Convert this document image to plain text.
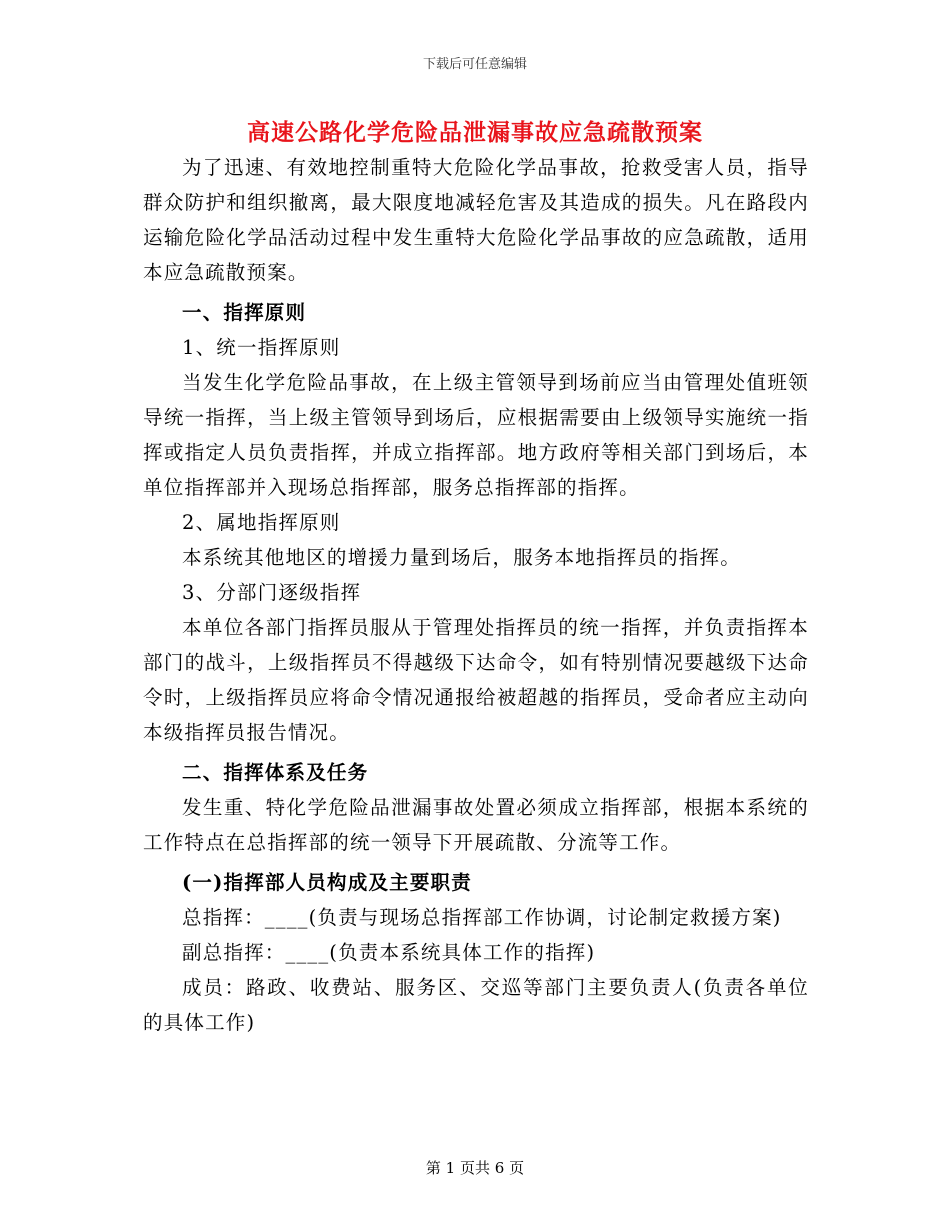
下载后可任意编辑
高速公路化学危险品泄漏事故应急疏散预案

为了迅速、有效地控制重特大危险化学品事故，抢救受害人员，指导群众防护和组织撤离，最大限度地减轻危害及其造成的损失。凡在路段内运输危险化学品活动过程中发生重特大危险化学品事故的应急疏散，适用本应急疏散预案。

一、指挥原则

1、统一指挥原则

当发生化学危险品事故，在上级主管领导到场前应当由管理处值班领导统一指挥，当上级主管领导到场后，应根据需要由上级领导实施统一指挥或指定人员负责指挥，并成立指挥部。地方政府等相关部门到场后，本单位指挥部并入现场总指挥部，服务总指挥部的指挥。

2、属地指挥原则

本系统其他地区的增援力量到场后，服务本地指挥员的指挥。

3、分部门逐级指挥

本单位各部门指挥员服从于管理处指挥员的统一指挥，并负责指挥本部门的战斗，上级指挥员不得越级下达命令，如有特别情况要越级下达命令时，上级指挥员应将命令情况通报给被超越的指挥员，受命者应主动向本级指挥员报告情况。

二、指挥体系及任务

发生重、特化学危险品泄漏事故处置必须成立指挥部，根据本系统的工作特点在总指挥部的统一领导下开展疏散、分流等工作。

(一)指挥部人员构成及主要职责

总指挥：____(负责与现场总指挥部工作协调，讨论制定救援方案)

副总指挥：____(负责本系统具体工作的指挥)

成员：路政、收费站、服务区、交巡等部门主要负责人(负责各单位的具体工作)

第 1 页共 6 页
